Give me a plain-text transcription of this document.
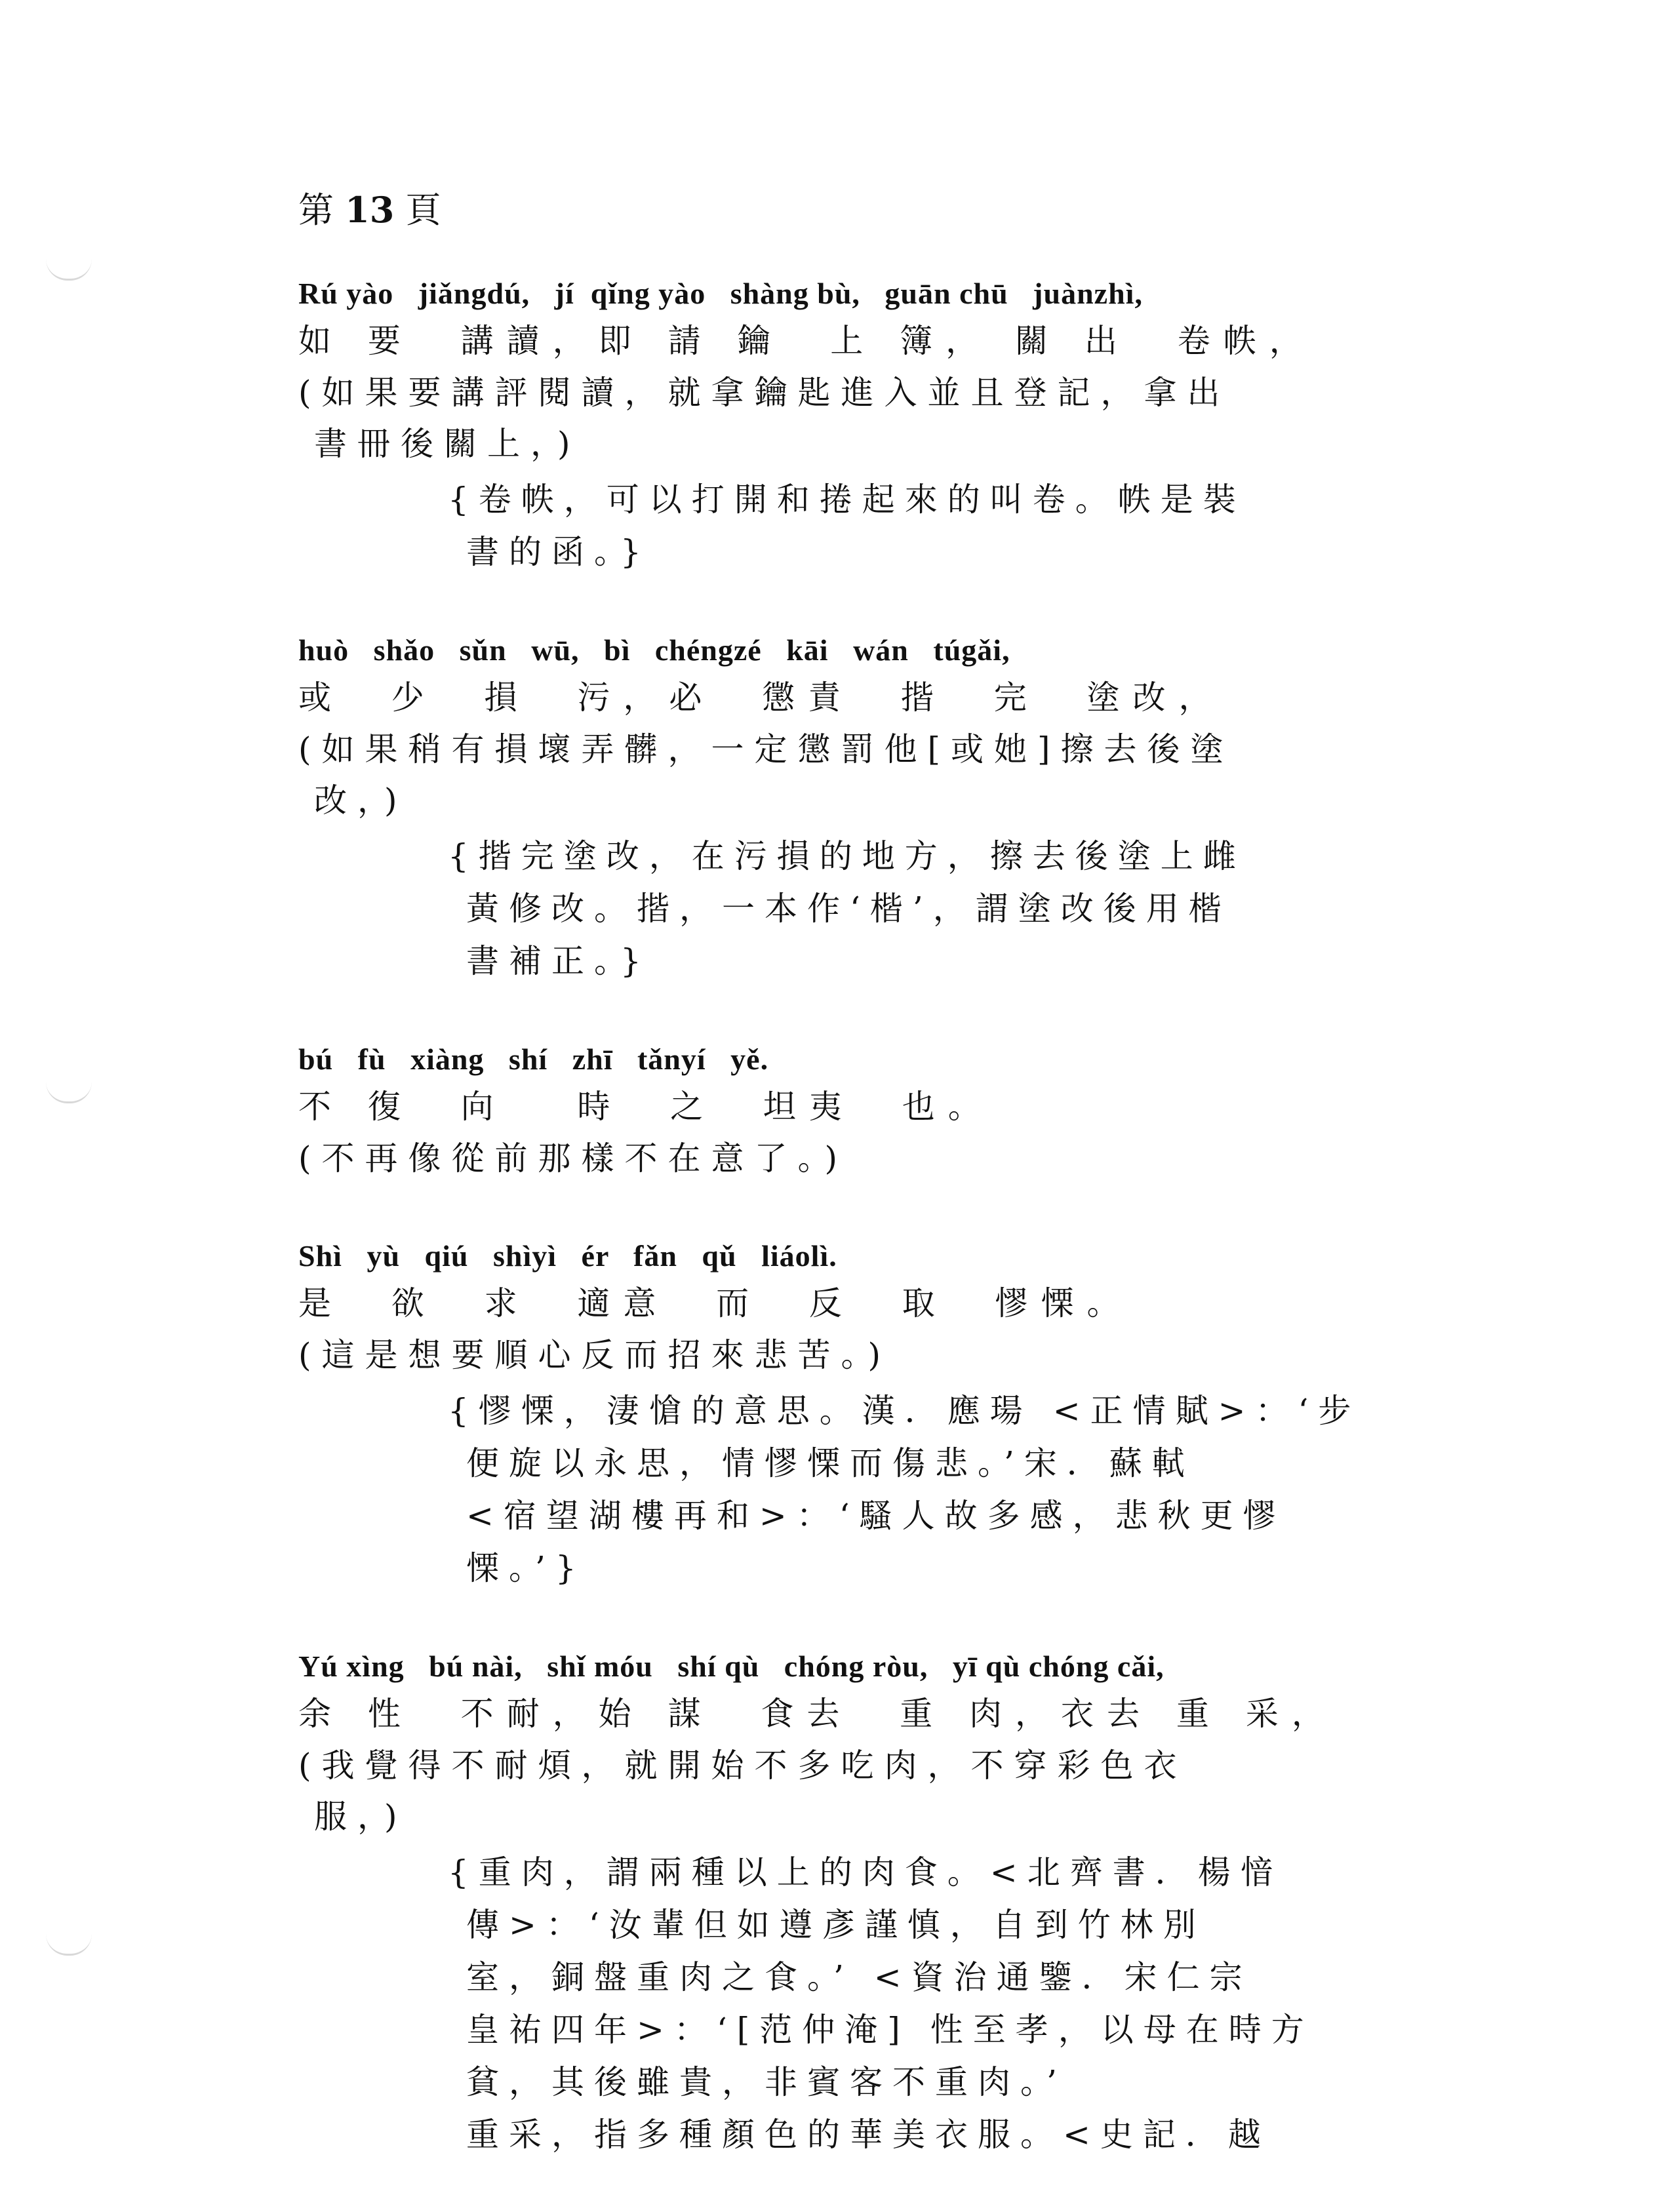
第 13 頁
Rú yào   jiǎngdú,   jí  qǐng yào   shàng bù,   guān chū   juànzhì,
如 要  講讀，即 請 鑰  上 簿， 關 出  卷帙，
(如果要講評閱讀，就拿鑰匙進入並且登記，拿出
書冊後關上，)
{卷帙，可以打開和捲起來的叫卷。帙是裝
書的函。}
huò   shǎo   sǔn   wū,   bì   chéngzé   kāi   wán   túgǎi,
或  少  損  污，必  懲責  揩  完  塗改，
(如果稍有損壞弄髒，一定懲罰他[或她]擦去後塗
改，)
{揩完塗改，在污損的地方，擦去後塗上雌
黃修改。揩，一本作‘楷’，謂塗改後用楷
書補正。}
bú   fù   xiàng   shí   zhī   tǎnyí   yě.
不 復  向   時  之  坦夷  也。
(不再像從前那樣不在意了。)
Shì   yù   qiú   shìyì   ér   fǎn   qǔ   liáolì.
是  欲  求  適意  而  反  取  憀慄。
(這是想要順心反而招來悲苦。)
{憀慄，淒愴的意思。漢．應瑒 <正情賦>：‘步
便旋以永思，情憀慄而傷悲。’宋．蘇軾
<宿望湖樓再和>：‘騷人故多感，悲秋更憀
慄。’}
Yú xìng   bú nài,   shǐ móu   shí qù   chóng ròu,   yī qù chóng cǎi,
余 性  不耐，始 謀  食去  重 肉，衣去 重 采，
(我覺得不耐煩，就開始不多吃肉，不穿彩色衣
服，)
{重肉，謂兩種以上的肉食。<北齊書．楊愔
傳>：‘汝輩但如遵彥謹慎，自到竹林別
室，銅盤重肉之食。’ <資治通鑒．宋仁宗
皇祐四年>：‘[范仲淹] 性至孝，以母在時方
貧，其後雖貴，非賓客不重肉。’
重采，指多種顏色的華美衣服。<史記．越
